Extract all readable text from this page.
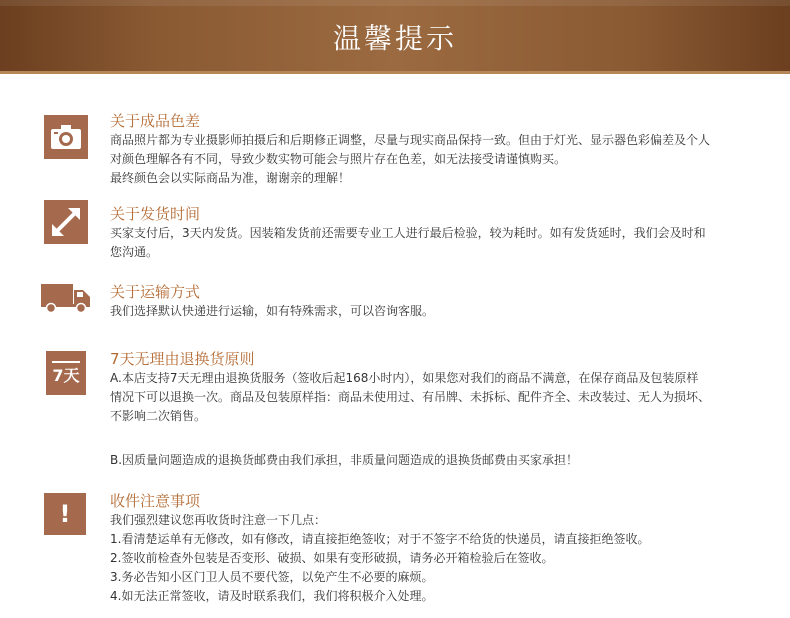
温馨提示

关于成品色差

商品照片都为专业摄影师拍摄后和后期修正调整，尽量与现实商品保持一致。但由于灯光、显示器色彩偏差及个人

对颜色理解各有不同，导致少数实物可能会与照片存在色差，如无法接受请谨慎购买。

最终颜色会以实际商品为准，谢谢亲的理解！

关于发货时间

买家支付后，3天内发货。因装箱发货前还需要专业工人进行最后检验，较为耗时。如有发货延时，我们会及时和

您沟通。

关于运输方式

我们选择默认快递进行运输，如有特殊需求，可以咨询客服。

7天

7天无理由退换货原则

A.本店支持7天无理由退换货服务（签收后起168小时内），如果您对我们的商品不满意，在保存商品及包装原样

情况下可以退换一次。商品及包装原样指：商品未使用过、有吊牌、未拆标、配件齐全、未改装过、无人为损坏、

不影响二次销售。

B.因质量问题造成的退换货邮费由我们承担，非质量问题造成的退换货邮费由买家承担！

!	收件注意事项

我们强烈建议您再收货时注意一下几点：

1.看清楚运单有无修改，如有修改，请直接拒绝签收；对于不签字不给货的快递员，请直接拒绝签收。

2.签收前检查外包装是否变形、破损、如果有变形破损，请务必开箱检验后在签收。

3.务必告知小区门卫人员不要代签，以免产生不必要的麻烦。

4.如无法正常签收，请及时联系我们，我们将积极介入处理。
